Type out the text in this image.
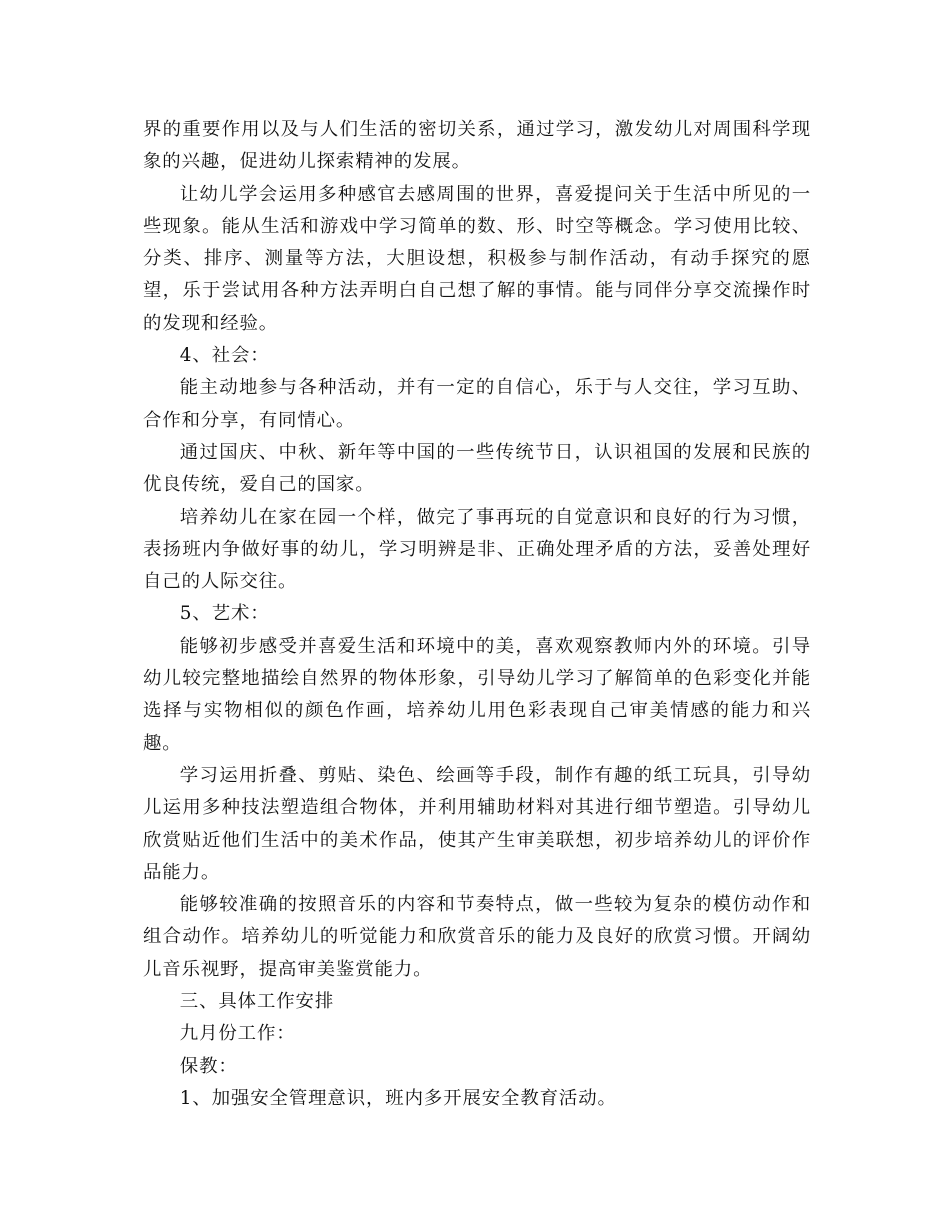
界的重要作用以及与人们生活的密切关系，通过学习，激发幼儿对周围科学现象的兴趣，促进幼儿探索精神的发展。

让幼儿学会运用多种感官去感周围的世界，喜爱提问关于生活中所见的一些现象。能从生活和游戏中学习简单的数、形、时空等概念。学习使用比较、分类、排序、测量等方法，大胆设想，积极参与制作活动，有动手探究的愿望，乐于尝试用各种方法弄明白自己想了解的事情。能与同伴分享交流操作时的发现和经验。

4、社会：

能主动地参与各种活动，并有一定的自信心，乐于与人交往，学习互助、合作和分享，有同情心。

通过国庆、中秋、新年等中国的一些传统节日，认识祖国的发展和民族的优良传统，爱自己的国家。

培养幼儿在家在园一个样，做完了事再玩的自觉意识和良好的行为习惯，表扬班内争做好事的幼儿，学习明辨是非、正确处理矛盾的方法，妥善处理好自己的人际交往。

5、艺术：

能够初步感受并喜爱生活和环境中的美，喜欢观察教师内外的环境。引导幼儿较完整地描绘自然界的物体形象，引导幼儿学习了解简单的色彩变化并能选择与实物相似的颜色作画，培养幼儿用色彩表现自己审美情感的能力和兴趣。

学习运用折叠、剪贴、染色、绘画等手段，制作有趣的纸工玩具，引导幼儿运用多种技法塑造组合物体，并利用辅助材料对其进行细节塑造。引导幼儿欣赏贴近他们生活中的美术作品，使其产生审美联想，初步培养幼儿的评价作品能力。

能够较准确的按照音乐的内容和节奏特点，做一些较为复杂的模仿动作和组合动作。培养幼儿的听觉能力和欣赏音乐的能力及良好的欣赏习惯。开阔幼儿音乐视野，提高审美鉴赏能力。

三、具体工作安排

九月份工作：

保教：

1、加强安全管理意识，班内多开展安全教育活动。
